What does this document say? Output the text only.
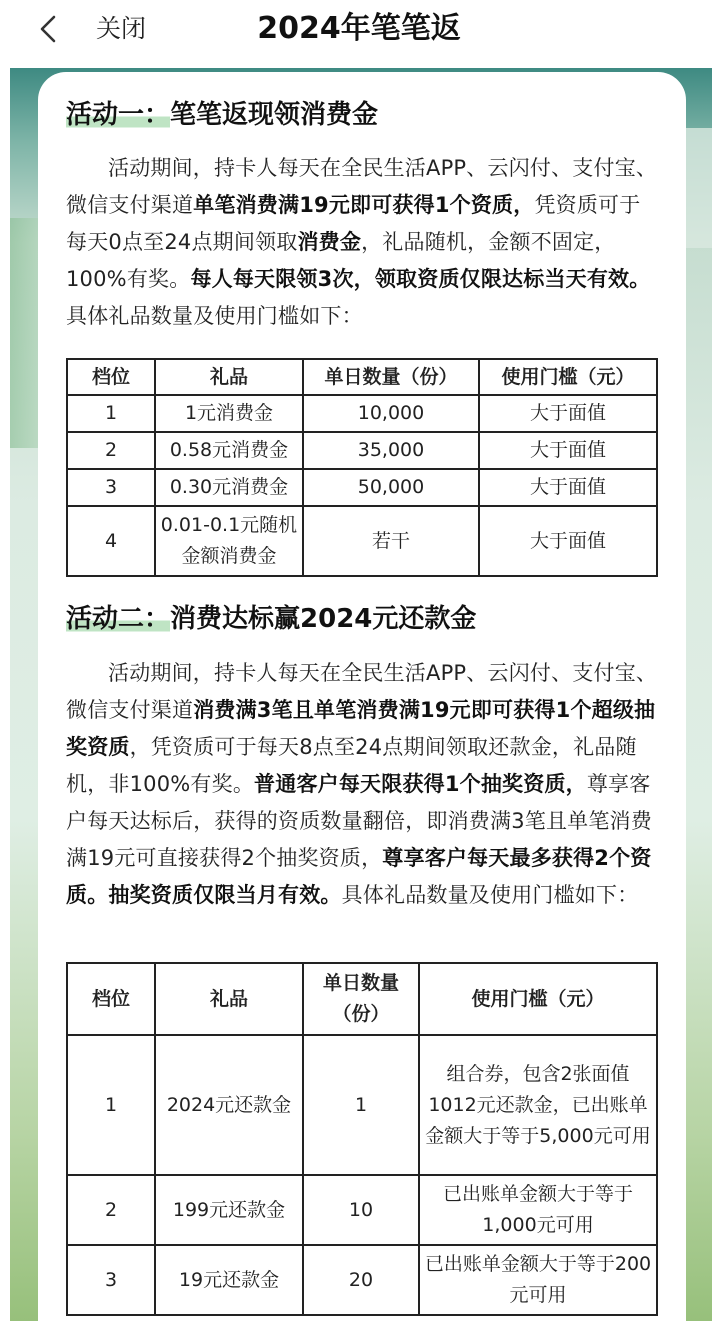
关闭	2024年笔笔返
活动一：笔笔返现领消费金

活动期间，持卡人每天在全民生活APP、云闪付、支付宝、微信支付渠道单笔消费满19元即可获得1个资质，凭资质可于每天0点至24点期间领取消费金，礼品随机，金额不固定，100%有奖。每人每天限领3次，领取资质仅限达标当天有效。具体礼品数量及使用门槛如下：

档位	礼品	单日数量（份）	使用门槛（元）
1	1元消费金	10,000	大于面值
2	0.58元消费金	35,000	大于面值
3	0.30元消费金	50,000	大于面值
4	0.01-0.1元随机金额消费金	若干	大于面值
活动二：消费达标赢2024元还款金

活动期间，持卡人每天在全民生活APP、云闪付、支付宝、微信支付渠道消费满3笔且单笔消费满19元即可获得1个超级抽奖资质，凭资质可于每天8点至24点期间领取还款金，礼品随机，非100%有奖。普通客户每天限获得1个抽奖资质，尊享客户每天达标后，获得的资质数量翻倍，即消费满3笔且单笔消费满19元可直接获得2个抽奖资质，尊享客户每天最多获得2个资质。抽奖资质仅限当月有效。具体礼品数量及使用门槛如下：

档位	礼品	单日数量（份）	使用门槛（元）
1	2024元还款金	1	组合券，包含2张面值1012元还款金，已出账单金额大于等于5,000元可用
2	199元还款金	10	已出账单金额大于等于1,000元可用
3	19元还款金	20	已出账单金额大于等于200元可用
